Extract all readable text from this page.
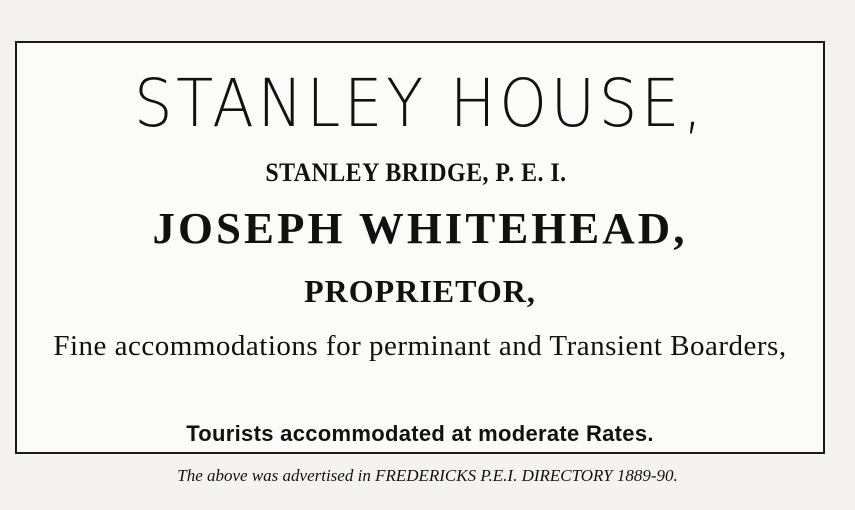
STANLEY HOUSE,
STANLEY BRIDGE, P. E. I.
JOSEPH WHITEHEAD,
PROPRIETOR,
Fine accommodations for perminant and Transient Boarders,
Tourists accommodated at moderate Rates.
The above was advertised in FREDERICKS P.E.I. DIRECTORY 1889-90.
